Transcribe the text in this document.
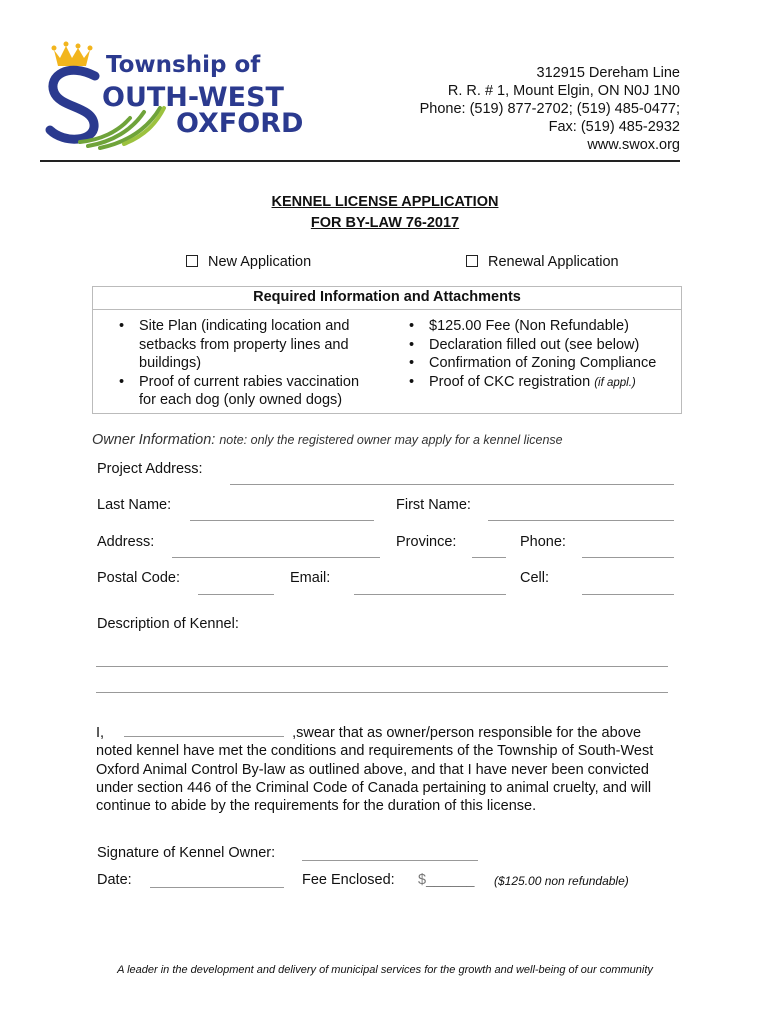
Township of
OUTH-WEST
OXFORD
312915 Dereham Line
R. R. # 1, Mount Elgin, ON N0J 1N0
Phone: (519) 877-2702; (519) 485-0477;
Fax: (519) 485-2932
www.swox.org
KENNEL LICENSE APPLICATION
FOR BY-LAW 76-2017
New Application	Renewal Application
Required Information and Attachments
• Site Plan (indicating location and setbacks from property lines and buildings)
• Proof of current rabies vaccination for each dog (only owned dogs)
• $125.00 Fee (Non Refundable)
• Declaration filled out (see below)
• Confirmation of Zoning Compliance
• Proof of CKC registration (if appl.)
Owner Information: note: only the registered owner may apply for a kennel license
Project Address:
Last Name:	First Name:
Address:	Province:	Phone:
Postal Code:	Email:	Cell:
Description of Kennel:
I,	,swear that as owner/person responsible for the above noted kennel have met the conditions and requirements of the Township of South-West Oxford Animal Control By-law as outlined above, and that I have never been convicted under section 446 of the Criminal Code of Canada pertaining to animal cruelty, and will continue to abide by the requirements for the duration of this license.
Signature of Kennel Owner:
Date:	Fee Enclosed: $______ ($125.00 non refundable)
A leader in the development and delivery of municipal services for the growth and well-being of our community
